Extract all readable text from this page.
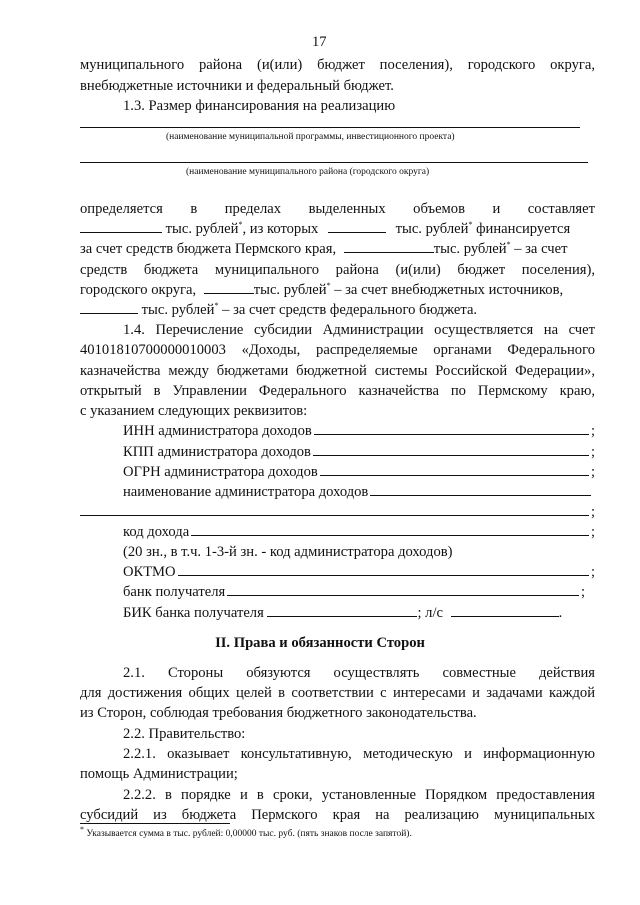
17
муниципального района (и(или) бюджет поселения), городского округа,
внебюджетные источники и федеральный бюджет.
1.3. Размер финансирования на реализацию
(наименование муниципальной программы, инвестиционного проекта)
(наименование муниципального района (городского округа)
определяется в пределах выделенных объемов и составляет
тыс. рублей*, из которых	тыс. рублей* финансируется
за счет средств бюджета Пермского края,	тыс. рублей* – за счет
средств бюджета муниципального района (и(или) бюджет поселения),
городского округа,	тыс. рублей* – за счет внебюджетных источников,
тыс. рублей* – за счет средств федерального бюджета.
1.4. Перечисление субсидии Администрации осуществляется на счет
40101810700000010003 «Доходы, распределяемые органами Федерального
казначейства между бюджетами бюджетной системы Российской Федерации»,
открытый в Управлении Федерального казначейства по Пермскому краю,
с указанием следующих реквизитов:
ИНН администратора доходов	;
КПП администратора доходов	;
ОГРН администратора доходов	;
наименование администратора доходов
;
код дохода	;
(20 зн., в т.ч. 1-3-й зн. - код администратора доходов)
ОКТМО	;
банк получателя	;
БИК банка получателя	; л/с	.
II. Права и обязанности Сторон
2.1. Стороны обязуются осуществлять совместные действия
для достижения общих целей в соответствии с интересами и задачами каждой
из Сторон, соблюдая требования бюджетного законодательства.
2.2. Правительство:
2.2.1. оказывает консультативную, методическую и информационную
помощь Администрации;
2.2.2. в порядке и в сроки, установленные Порядком предоставления
субсидий из бюджета Пермского края на реализацию муниципальных
* Указывается сумма в тыс. рублей: 0,00000 тыс. руб. (пять знаков после запятой).
